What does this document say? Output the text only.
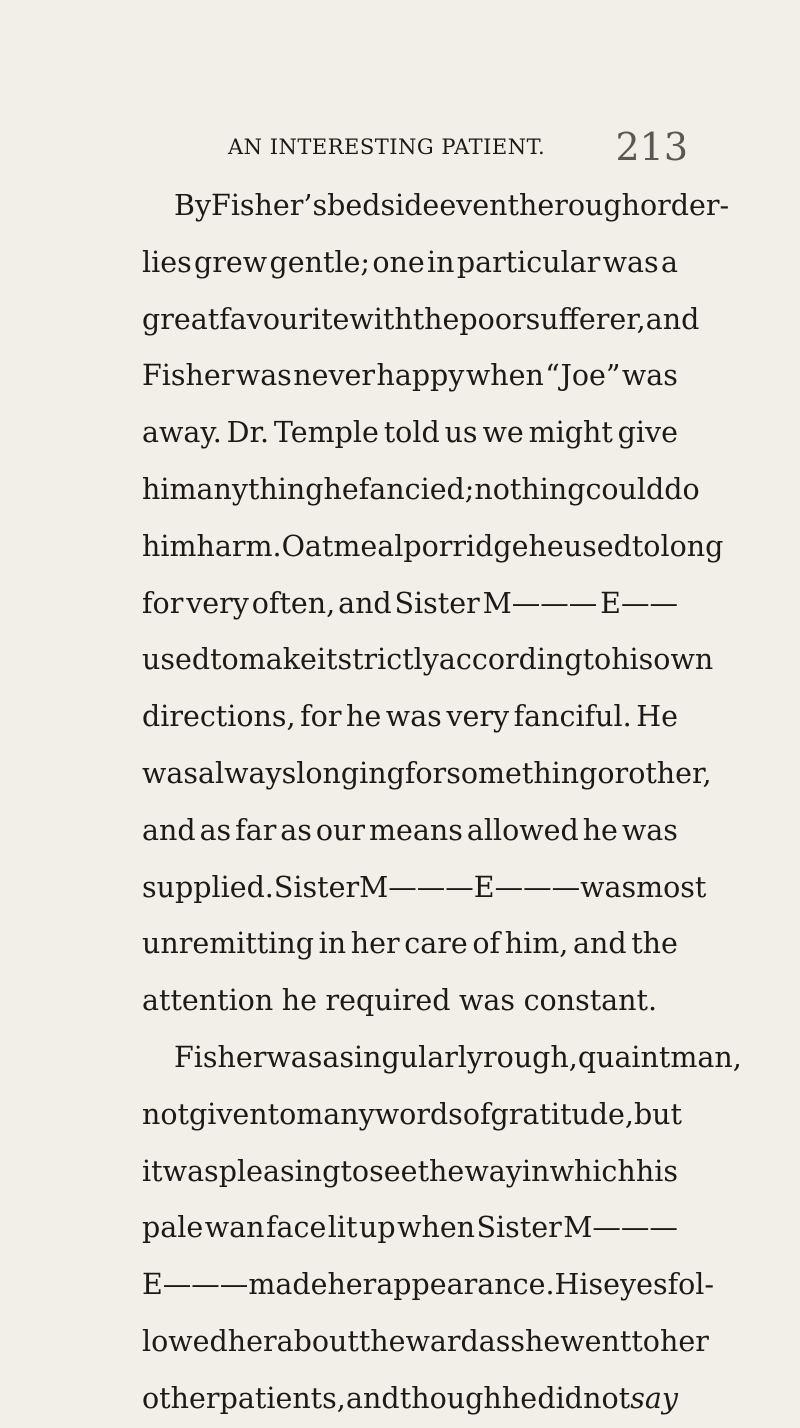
AN INTERESTING PATIENT. 213
By Fisher’s bedside even the rough order-
lies grew gentle; one in particular was a
great favourite with the poor sufferer, and
Fisher was never happy when “Joe” was
away. Dr. Temple told us we might give
him anything he fancied; nothing could do
him harm. Oatmeal porridge he used to long
for very often, and Sister M——— E——
used to make it strictly according to his own
directions, for he was very fanciful. He
was always longing for something or other,
and as far as our means allowed he was
supplied. Sister M——— E——— was most
unremitting in her care of him, and the
attention he required was constant.
Fisher was a singularly rough, quaint man,
not given to many words of gratitude, but
it was pleasing to see the way in which his
pale wan face lit up when Sister M———
E——— made her appearance. His eyes fol-
lowed her about the ward as she went to her
other patients, and though he did not say
